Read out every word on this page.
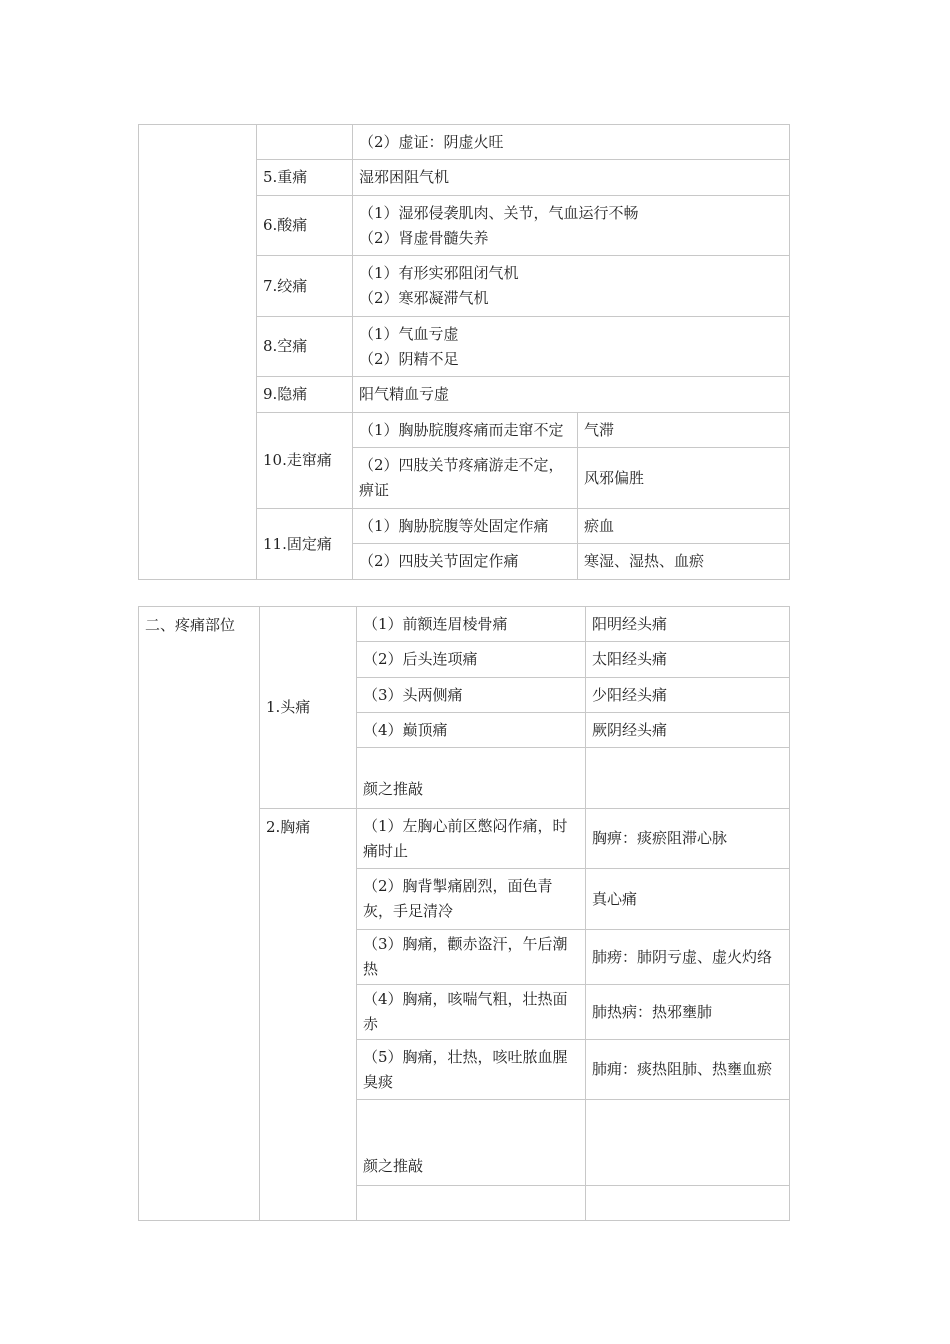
		（2）虚证：阴虚火旺	
	5.重痛	湿邪困阻气机	
	6.酸痛	（1）湿邪侵袭肌肉、关节，气血运行不畅
（2）肾虚骨髓失养	

	7.绞痛	（1）有形实邪阻闭气机
（2）寒邪凝滞气机	

	8.空痛	（1）气血亏虚
（2）阴精不足	

	9.隐痛	阳气精血亏虚	
	10.走窜痛	（1）胸胁脘腹疼痛而走窜不定	气滞
		（2）四肢关节疼痛游走不定，痹证	风邪偏胜
	11.固定痛	（1）胸胁脘腹等处固定作痛	瘀血
		（2）四肢关节固定作痛	寒湿、湿热、血瘀
二、疼痛部位	1.头痛	（1）前额连眉棱骨痛	阳明经头痛
		（2）后头连项痛	太阳经头痛
		（3）头两侧痛	少阳经头痛
		（4）巅顶痛	厥阴经头痛
		颜之推敲	
	2.胸痛	（1）左胸心前区憋闷作痛，时痛时止	胸痹：痰瘀阻滞心脉
		（2）胸背掣痛剧烈，面色青灰，手足清冷	真心痛
		（3）胸痛，颧赤盗汗，午后潮热	肺痨：肺阴亏虚、虚火灼络
		（4）胸痛，咳喘气粗，壮热面赤	肺热病：热邪壅肺
		（5）胸痛，壮热，咳吐脓血腥臭痰	肺痈：痰热阻肺、热壅血瘀
		颜之推敲	
